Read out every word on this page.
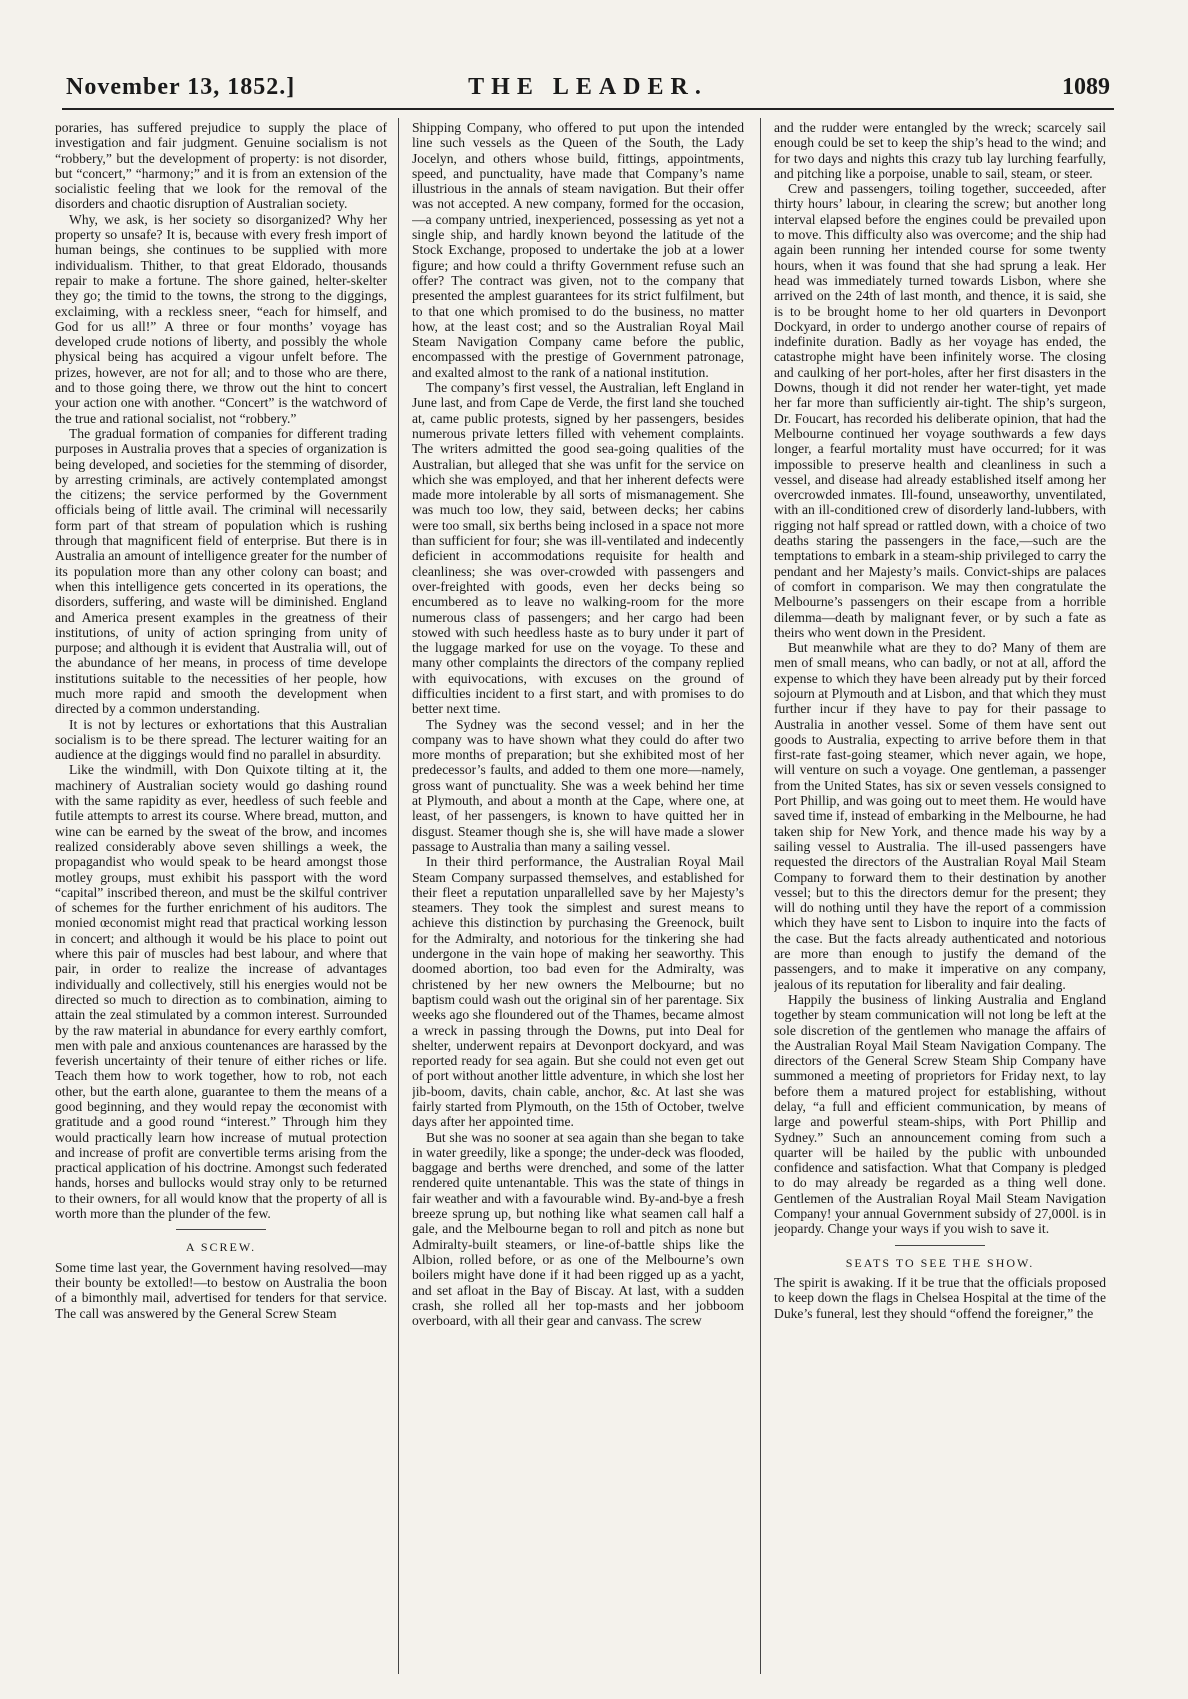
THE LEADER.
November 13, 1852.]	1089

poraries, has suffered prejudice to supply the place of investigation and fair judgment. Genuine socialism is not “robbery,” but the development of property: is not disorder, but “concert,” “harmony;” and it is from an extension of the socialistic feeling that we look for the removal of the disorders and chaotic disruption of Australian society.

Why, we ask, is her society so disorganized? Why her property so unsafe? It is, because with every fresh import of human beings, she continues to be supplied with more individualism. Thither, to that great Eldorado, thousands repair to make a fortune. The shore gained, helter-skelter they go; the timid to the towns, the strong to the diggings, exclaiming, with a reckless sneer, “each for himself, and God for us all!” A three or four months’ voyage has developed crude notions of liberty, and possibly the whole physical being has acquired a vigour unfelt before. The prizes, however, are not for all; and to those who are there, and to those going there, we throw out the hint to concert your action one with another. “Concert” is the watchword of the true and rational socialist, not “robbery.”

The gradual formation of companies for different trading purposes in Australia proves that a species of organization is being developed, and societies for the stemming of disorder, by arresting criminals, are actively contemplated amongst the citizens; the service performed by the Government officials being of little avail. The criminal will necessarily form part of that stream of population which is rushing through that magnificent field of enterprise. But there is in Australia an amount of intelligence greater for the number of its population more than any other colony can boast; and when this intelligence gets concerted in its operations, the disorders, suffering, and waste will be diminished. England and America present examples in the greatness of their institutions, of unity of action springing from unity of purpose; and although it is evident that Australia will, out of the abundance of her means, in process of time develope institutions suitable to the necessities of her people, how much more rapid and smooth the development when directed by a common understanding.

It is not by lectures or exhortations that this Australian socialism is to be there spread. The lecturer waiting for an audience at the diggings would find no parallel in absurdity.

Like the windmill, with Don Quixote tilting at it, the machinery of Australian society would go dashing round with the same rapidity as ever, heedless of such feeble and futile attempts to arrest its course. Where bread, mutton, and wine can be earned by the sweat of the brow, and incomes realized considerably above seven shillings a week, the propagandist who would speak to be heard amongst those motley groups, must exhibit his passport with the word “capital” inscribed thereon, and must be the skilful contriver of schemes for the further enrichment of his auditors. The monied œconomist might read that practical working lesson in concert; and although it would be his place to point out where this pair of muscles had best labour, and where that pair, in order to realize the increase of advantages individually and collectively, still his energies would not be directed so much to direction as to combination, aiming to attain the zeal stimulated by a common interest. Surrounded by the raw material in abundance for every earthly comfort, men with pale and anxious countenances are harassed by the feverish uncertainty of their tenure of either riches or life. Teach them how to work together, how to rob, not each other, but the earth alone, guarantee to them the means of a good beginning, and they would repay the œconomist with gratitude and a good round “interest.” Through him they would practically learn how increase of mutual protection and increase of profit are convertible terms arising from the practical application of his doctrine. Amongst such federated hands, horses and bullocks would stray only to be returned to their owners, for all would know that the property of all is worth more than the plunder of the few.

A SCREW.

Some time last year, the Government having resolved—may their bounty be extolled!—to bestow on Australia the boon of a bimonthly mail, advertised for tenders for that service. The call was answered by the General Screw Steam

Shipping Company, who offered to put upon the intended line such vessels as the Queen of the South, the Lady Jocelyn, and others whose build, fittings, appointments, speed, and punctuality, have made that Company’s name illustrious in the annals of steam navigation. But their offer was not accepted. A new company, formed for the occasion,—a company untried, inexperienced, possessing as yet not a single ship, and hardly known beyond the latitude of the Stock Exchange, proposed to undertake the job at a lower figure; and how could a thrifty Government refuse such an offer? The contract was given, not to the company that presented the amplest guarantees for its strict fulfilment, but to that one which promised to do the business, no matter how, at the least cost; and so the Australian Royal Mail Steam Navigation Company came before the public, encompassed with the prestige of Government patronage, and exalted almost to the rank of a national institution.

The company’s first vessel, the Australian, left England in June last, and from Cape de Verde, the first land she touched at, came public protests, signed by her passengers, besides numerous private letters filled with vehement complaints. The writers admitted the good sea-going qualities of the Australian, but alleged that she was unfit for the service on which she was employed, and that her inherent defects were made more intolerable by all sorts of mismanagement. She was much too low, they said, between decks; her cabins were too small, six berths being inclosed in a space not more than sufficient for four; she was ill-ventilated and indecently deficient in accommodations requisite for health and cleanliness; she was over-crowded with passengers and over-freighted with goods, even her decks being so encumbered as to leave no walking-room for the more numerous class of passengers; and her cargo had been stowed with such heedless haste as to bury under it part of the luggage marked for use on the voyage. To these and many other complaints the directors of the company replied with equivocations, with excuses on the ground of difficulties incident to a first start, and with promises to do better next time.

The Sydney was the second vessel; and in her the company was to have shown what they could do after two more months of preparation; but she exhibited most of her predecessor’s faults, and added to them one more—namely, gross want of punctuality. She was a week behind her time at Plymouth, and about a month at the Cape, where one, at least, of her passengers, is known to have quitted her in disgust. Steamer though she is, she will have made a slower passage to Australia than many a sailing vessel.

In their third performance, the Australian Royal Mail Steam Company surpassed themselves, and established for their fleet a reputation unparallelled save by her Majesty’s steamers. They took the simplest and surest means to achieve this distinction by purchasing the Greenock, built for the Admiralty, and notorious for the tinkering she had undergone in the vain hope of making her seaworthy. This doomed abortion, too bad even for the Admiralty, was christened by her new owners the Melbourne; but no baptism could wash out the original sin of her parentage. Six weeks ago she floundered out of the Thames, became almost a wreck in passing through the Downs, put into Deal for shelter, underwent repairs at Devonport dockyard, and was reported ready for sea again. But she could not even get out of port without another little adventure, in which she lost her jib-boom, davits, chain cable, anchor, &c. At last she was fairly started from Plymouth, on the 15th of October, twelve days after her appointed time.

But she was no sooner at sea again than she began to take in water greedily, like a sponge; the under-deck was flooded, baggage and berths were drenched, and some of the latter rendered quite untenantable. This was the state of things in fair weather and with a favourable wind. By-and-bye a fresh breeze sprung up, but nothing like what seamen call half a gale, and the Melbourne began to roll and pitch as none but Admiralty-built steamers, or line-of-battle ships like the Albion, rolled before, or as one of the Melbourne’s own boilers might have done if it had been rigged up as a yacht, and set afloat in the Bay of Biscay. At last, with a sudden crash, she rolled all her top-masts and her jobboom overboard, with all their gear and canvass. The screw

and the rudder were entangled by the wreck; scarcely sail enough could be set to keep the ship’s head to the wind; and for two days and nights this crazy tub lay lurching fearfully, and pitching like a porpoise, unable to sail, steam, or steer.

Crew and passengers, toiling together, succeeded, after thirty hours’ labour, in clearing the screw; but another long interval elapsed before the engines could be prevailed upon to move. This difficulty also was overcome; and the ship had again been running her intended course for some twenty hours, when it was found that she had sprung a leak. Her head was immediately turned towards Lisbon, where she arrived on the 24th of last month, and thence, it is said, she is to be brought home to her old quarters in Devonport Dockyard, in order to undergo another course of repairs of indefinite duration. Badly as her voyage has ended, the catastrophe might have been infinitely worse. The closing and caulking of her port-holes, after her first disasters in the Downs, though it did not render her water-tight, yet made her far more than sufficiently air-tight. The ship’s surgeon, Dr. Foucart, has recorded his deliberate opinion, that had the Melbourne continued her voyage southwards a few days longer, a fearful mortality must have occurred; for it was impossible to preserve health and cleanliness in such a vessel, and disease had already established itself among her overcrowded inmates. Ill-found, unseaworthy, unventilated, with an ill-conditioned crew of disorderly land-lubbers, with rigging not half spread or rattled down, with a choice of two deaths staring the passengers in the face,—such are the temptations to embark in a steam-ship privileged to carry the pendant and her Majesty’s mails. Convict-ships are palaces of comfort in comparison. We may then congratulate the Melbourne’s passengers on their escape from a horrible dilemma—death by malignant fever, or by such a fate as theirs who went down in the President.

But meanwhile what are they to do? Many of them are men of small means, who can badly, or not at all, afford the expense to which they have been already put by their forced sojourn at Plymouth and at Lisbon, and that which they must further incur if they have to pay for their passage to Australia in another vessel. Some of them have sent out goods to Australia, expecting to arrive before them in that first-rate fast-going steamer, which never again, we hope, will venture on such a voyage. One gentleman, a passenger from the United States, has six or seven vessels consigned to Port Phillip, and was going out to meet them. He would have saved time if, instead of embarking in the Melbourne, he had taken ship for New York, and thence made his way by a sailing vessel to Australia. The ill-used passengers have requested the directors of the Australian Royal Mail Steam Company to forward them to their destination by another vessel; but to this the directors demur for the present; they will do nothing until they have the report of a commission which they have sent to Lisbon to inquire into the facts of the case. But the facts already authenticated and notorious are more than enough to justify the demand of the passengers, and to make it imperative on any company, jealous of its reputation for liberality and fair dealing.

Happily the business of linking Australia and England together by steam communication will not long be left at the sole discretion of the gentlemen who manage the affairs of the Australian Royal Mail Steam Navigation Company. The directors of the General Screw Steam Ship Company have summoned a meeting of proprietors for Friday next, to lay before them a matured project for establishing, without delay, “a full and efficient communication, by means of large and powerful steam-ships, with Port Phillip and Sydney.” Such an announcement coming from such a quarter will be hailed by the public with unbounded confidence and satisfaction. What that Company is pledged to do may already be regarded as a thing well done. Gentlemen of the Australian Royal Mail Steam Navigation Company! your annual Government subsidy of 27,000l. is in jeopardy. Change your ways if you wish to save it.

SEATS TO SEE THE SHOW.

The spirit is awaking. If it be true that the officials proposed to keep down the flags in Chelsea Hospital at the time of the Duke’s funeral, lest they should “offend the foreigner,” the
